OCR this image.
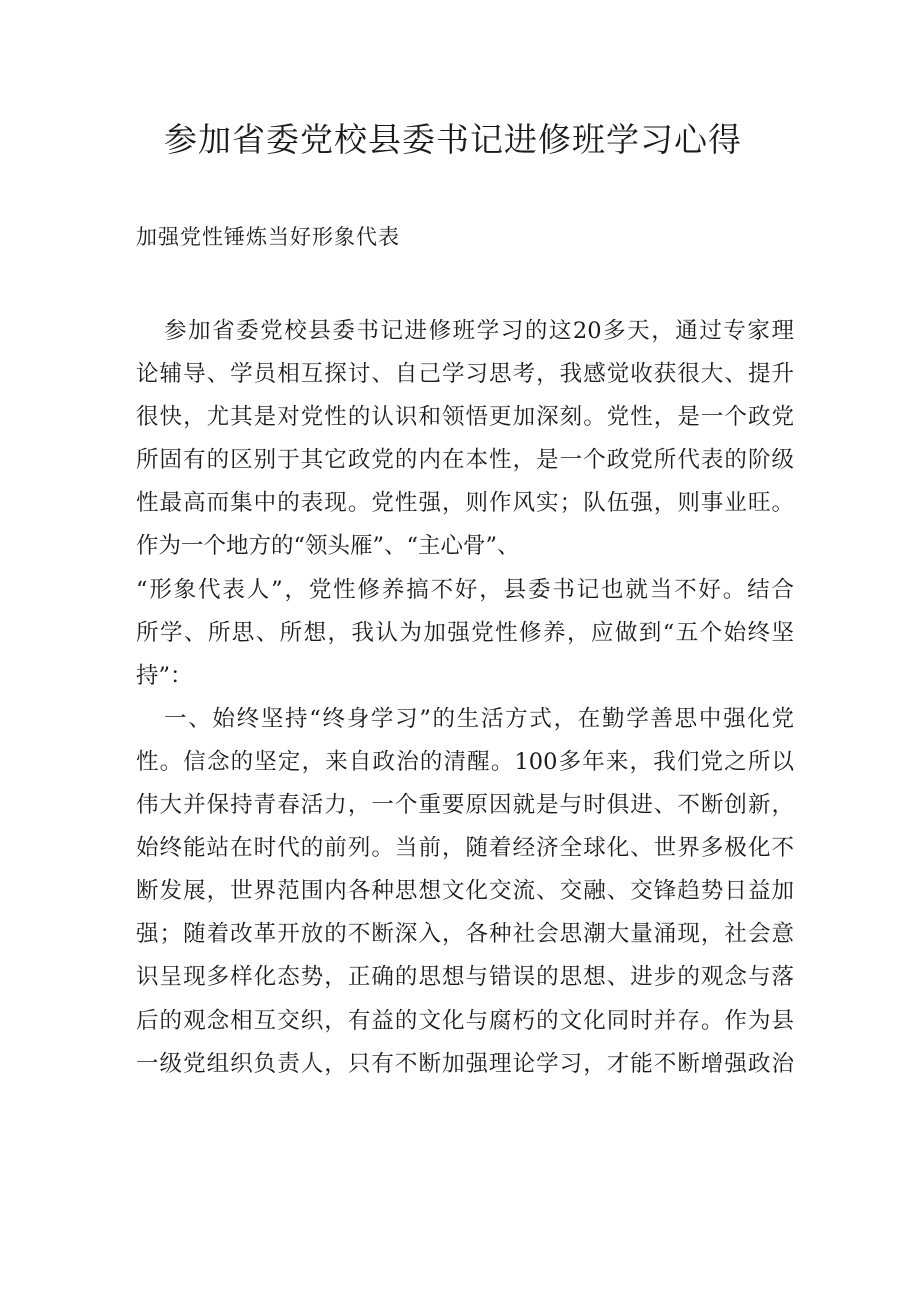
参加省委党校县委书记进修班学习心得
加强党性锤炼当好形象代表
参加省委党校县委书记进修班学习的这20多天，通过专家理
论辅导、学员相互探讨、自己学习思考，我感觉收获很大、提升
很快，尤其是对党性的认识和领悟更加深刻。党性，是一个政党
所固有的区别于其它政党的内在本性，是一个政党所代表的阶级
性最高而集中的表现。党性强，则作风实；队伍强，则事业旺。
作为一个地方的“领头雁”、“主心骨”、
“形象代表人”，党性修养搞不好，县委书记也就当不好。结合
所学、所思、所想，我认为加强党性修养，应做到“五个始终坚
持”：
一、始终坚持“终身学习”的生活方式，在勤学善思中强化党
性。信念的坚定，来自政治的清醒。100多年来，我们党之所以
伟大并保持青春活力，一个重要原因就是与时俱进、不断创新，
始终能站在时代的前列。当前，随着经济全球化、世界多极化不
断发展，世界范围内各种思想文化交流、交融、交锋趋势日益加
强；随着改革开放的不断深入，各种社会思潮大量涌现，社会意
识呈现多样化态势，正确的思想与错误的思想、进步的观念与落
后的观念相互交织，有益的文化与腐朽的文化同时并存。作为县
一级党组织负责人，只有不断加强理论学习，才能不断增强政治
